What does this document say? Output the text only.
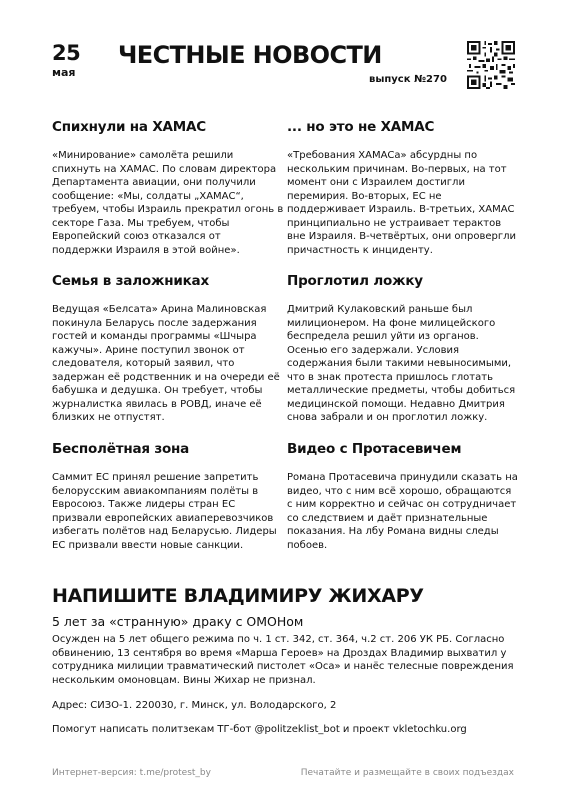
25
мая
ЧЕСТНЫЕ НОВОСТИ
выпуск №270
Спихнули на ХАМАС

«Минирование» самолёта решили спихнуть на ХАМАС. По словам директора Департамента авиации, они получили сообщение: «Мы, солдаты „ХАМАС“, требуем, чтобы Израиль прекратил огонь в секторе Газа. Мы требуем, чтобы Европейский союз отказался от поддержки Израиля в этой войне».

... но это не ХАМАС

«Требования ХАМАСа» абсурдны по нескольким причинам. Во-первых, на тот момент они с Израилем достигли перемирия. Во-вторых, ЕС не поддерживает Израиль. В-третьих, ХАМАС принципиально не устраивает терактов вне Израиля. В-четвёртых, они опровергли причастность к инциденту.

Семья в заложниках

Ведущая «Белсата» Арина Малиновская покинула Беларусь после задержания гостей и команды программы «Шчыра кажучы». Арине поступил звонок от следователя, который заявил, что задержан её родственник и на очереди её бабушка и дедушка. Он требует, чтобы журналистка явилась в РОВД, иначе её близких не отпустят.

Проглотил ложку

Дмитрий Кулаковский раньше был милиционером. На фоне милицейского беспредела решил уйти из органов. Осенью его задержали. Условия содержания были такими невыносимыми, что в знак протеста пришлось глотать металлические предметы, чтобы добиться медицинской помощи. Недавно Дмитрия снова забрали и он проглотил ложку.

Бесполётная зона

Саммит ЕС принял решение запретить белорусским авиакомпаниям полёты в Евросоюз. Также лидеры стран ЕС призвали европейских авиаперевозчиков избегать полётов над Беларусью. Лидеры ЕС призвали ввести новые санкции.

Видео с Протасевичем

Романа Протасевича принудили сказать на видео, что с ним всё хорошо, обращаются с ним корректно и сейчас он сотрудничает со следствием и даёт признательные показания. На лбу Романа видны следы побоев.

НАПИШИТЕ ВЛАДИМИРУ ЖИХАРУ
5 лет за «странную» драку с ОМОНом

Осужден на 5 лет общего режима по ч. 1 ст. 342, ст. 364, ч.2 ст. 206 УК РБ. Согласно обвинению, 13 сентября во время «Марша Героев» на Дроздах Владимир выхватил у сотрудника милиции травматический пистолет «Оса» и нанёс телесные повреждения нескольким омоновцам. Вины Жихар не признал.

Адрес: СИЗО-1. 220030, г. Минск, ул. Володарского, 2
Помогут написать политзекам ТГ-бот @politzeklist_bot и проект vkletochku.org
Интернет-версия: t.me/protest_by	Печатайте и размещайте в своих подъездах
